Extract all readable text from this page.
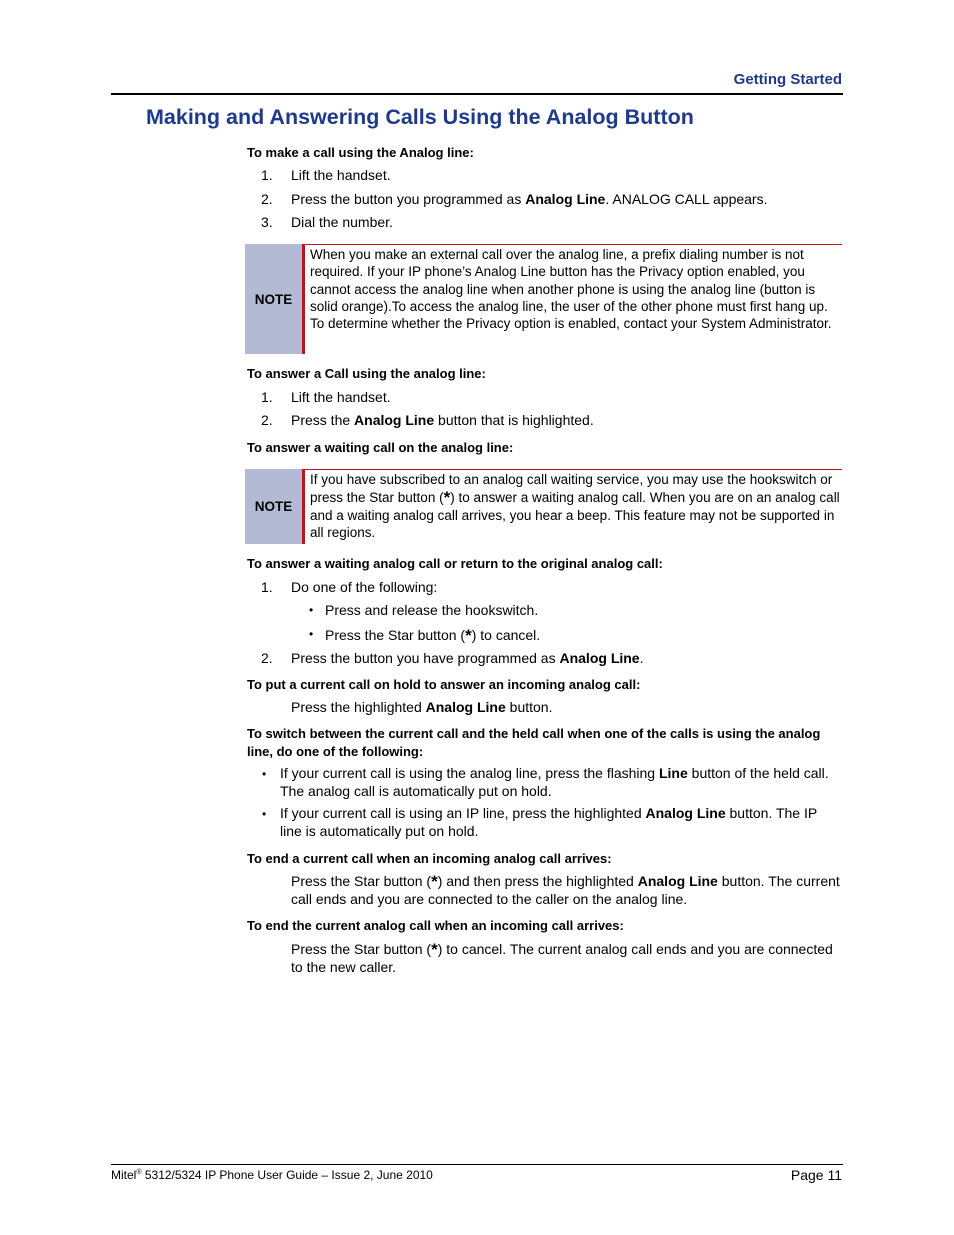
Getting Started
Making and Answering Calls Using the Analog Button
To make a call using the Analog line:
1. Lift the handset.
2. Press the button you programmed as Analog Line. ANALOG CALL appears.
3. Dial the number.
NOTE
When you make an external call over the analog line, a prefix dialing number is not required. If your IP phone’s Analog Line button has the Privacy option enabled, you cannot access the analog line when another phone is using the analog line (button is solid orange).To access the analog line, the user of the other phone must first hang up. To determine whether the Privacy option is enabled, contact your System Administrator.
To answer a Call using the analog line:
1. Lift the handset.
2. Press the Analog Line button that is highlighted.
To answer a waiting call on the analog line:
NOTE
If you have subscribed to an analog call waiting service, you may use the hookswitch or press the Star button (*) to answer a waiting analog call. When you are on an analog call and a waiting analog call arrives, you hear a beep. This feature may not be supported in all regions.
To answer a waiting analog call or return to the original analog call:
1. Do one of the following:
• Press and release the hookswitch.
• Press the Star button (*) to cancel.
2. Press the button you have programmed as Analog Line.
To put a current call on hold to answer an incoming analog call:
Press the highlighted Analog Line button.
To switch between the current call and the held call when one of the calls is using the analog line, do one of the following:
• If your current call is using the analog line, press the flashing Line button of the held call. The analog call is automatically put on hold.
• If your current call is using an IP line, press the highlighted Analog Line button. The IP line is automatically put on hold.
To end a current call when an incoming analog call arrives:
Press the Star button (*) and then press the highlighted Analog Line button. The current call ends and you are connected to the caller on the analog line.
To end the current analog call when an incoming call arrives:
Press the Star button (*) to cancel. The current analog call ends and you are connected to the new caller.
Mitel® 5312/5324 IP Phone User Guide – Issue 2, June 2010	Page 11
